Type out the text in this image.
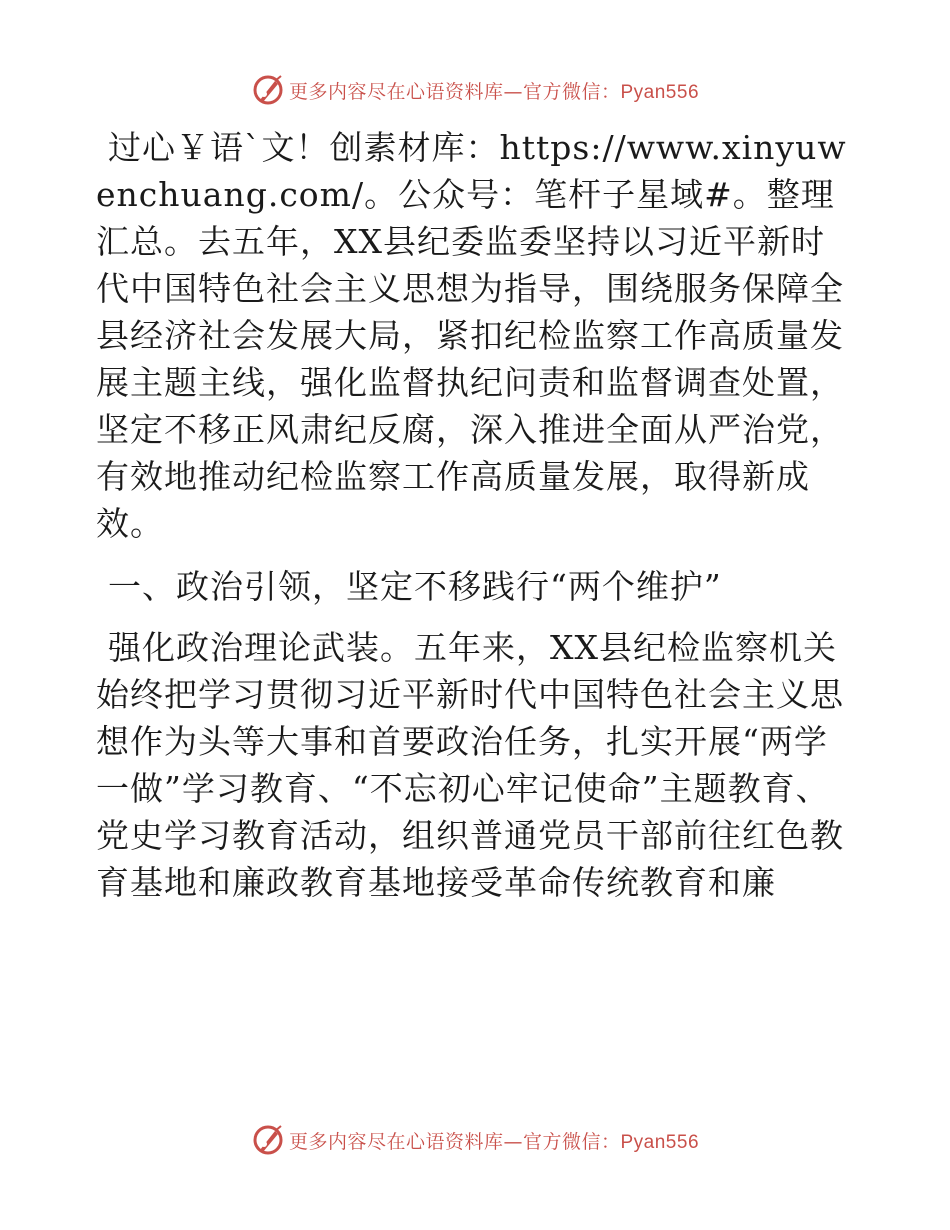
更多内容尽在心语资料库—官方微信：Pyan556

过心￥语`文！创素材库：https://www.xinyuwenchuang.com/。公众号：笔杆子星域#。整理汇总。去五年，XX县纪委监委坚持以习近平新时代中国特色社会主义思想为指导，围绕服务保障全县经济社会发展大局，紧扣纪检监察工作高质量发展主题主线，强化监督执纪问责和监督调查处置，坚定不移正风肃纪反腐，深入推进全面从严治党，有效地推动纪检监察工作高质量发展，取得新成效。

一、政治引领，坚定不移践行“两个维护”

强化政治理论武装。五年来，XX县纪检监察机关始终把学习贯彻习近平新时代中国特色社会主义思想作为头等大事和首要政治任务，扎实开展“两学一做”学习教育、“不忘初心牢记使命”主题教育、党史学习教育活动，组织普通党员干部前往红色教育基地和廉政教育基地接受革命传统教育和廉

更多内容尽在心语资料库—官方微信：Pyan556
